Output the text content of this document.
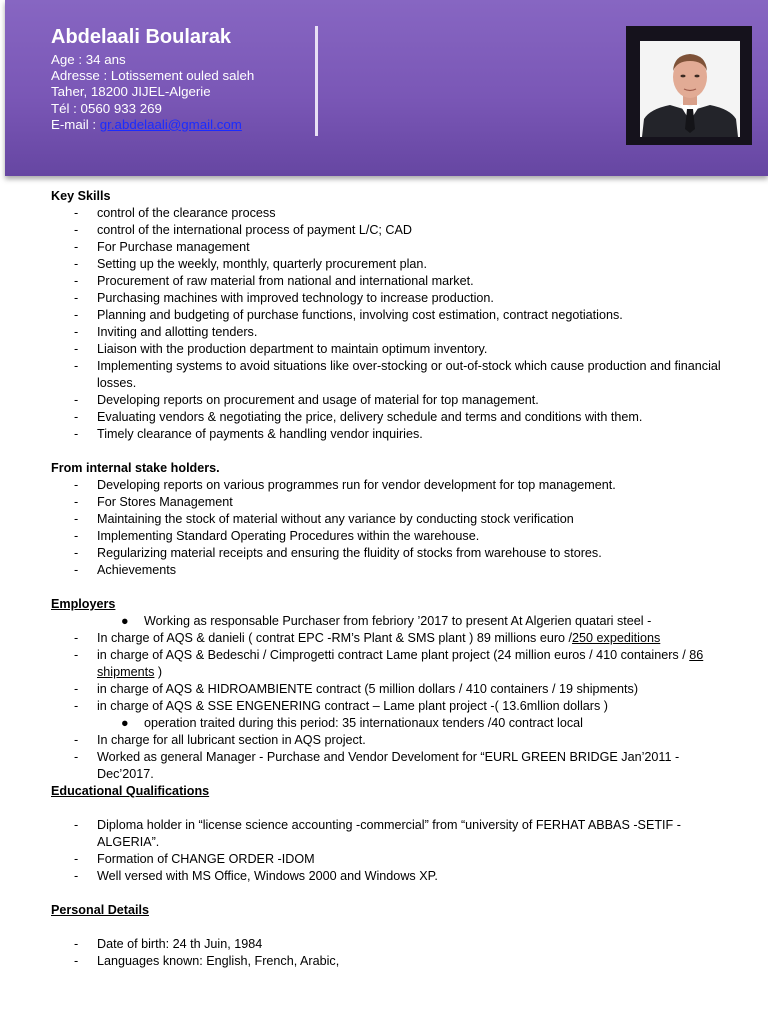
Abdelaali Boularak
Age : 34 ans
Adresse : Lotissement ouled saleh
Taher, 18200 JIJEL-Algerie
Tél : 0560 933 269
E-mail : gr.abdelaali@gmail.com
Key Skills
- control of the clearance process
- control of the international process of payment L/C; CAD
- For Purchase management
- Setting up the weekly, monthly, quarterly procurement plan.
- Procurement of raw material from national and international market.
- Purchasing machines with improved technology to increase production.
- Planning and budgeting of purchase functions, involving cost estimation, contract negotiations.
- Inviting and allotting tenders.
- Liaison with the production department to maintain optimum inventory.
- Implementing systems to avoid situations like over-stocking or out-of-stock which cause production and financial losses.
- Developing reports on procurement and usage of material for top management.
- Evaluating vendors & negotiating the price, delivery schedule and terms and conditions with them.
- Timely clearance of payments & handling vendor inquiries.
From internal stake holders.
- Developing reports on various programmes run for vendor development for top management.
- For Stores Management
- Maintaining the stock of material without any variance by conducting stock verification
- Implementing Standard Operating Procedures within the warehouse.
- Regularizing material receipts and ensuring the fluidity of stocks from warehouse to stores.
- Achievements
Employers
● Working as responsable Purchaser from febriory ’2017 to present At Algerien quatari steel -
- In charge of AQS & danieli ( contrat EPC -RM’s Plant & SMS plant ) 89 millions euro /250 expeditions
- in charge of AQS & Bedeschi / Cimprogetti contract Lame plant project (24 million euros / 410 containers / 86 shipments )
- in charge of AQS & HIDROAMBIENTE contract (5 million dollars / 410 containers / 19 shipments)
- in charge of AQS & SSE ENGENERING contract – Lame plant project -( 13.6mllion dollars )
● operation traited during this period: 35 internationaux tenders /40 contract local
- In charge for all lubricant section in AQS project.
- Worked as general Manager - Purchase and Vendor Develoment for “EURL GREEN BRIDGE Jan’2011 - Dec’2017.
Educational Qualifications
- Diploma holder in “license science accounting -commercial” from “university of FERHAT ABBAS -SETIF -ALGERIA”.
- Formation of CHANGE ORDER -IDOM
- Well versed with MS Office, Windows 2000 and Windows XP.
Personal Details
- Date of birth: 24 th Juin, 1984
- Languages known: English, French, Arabic,
